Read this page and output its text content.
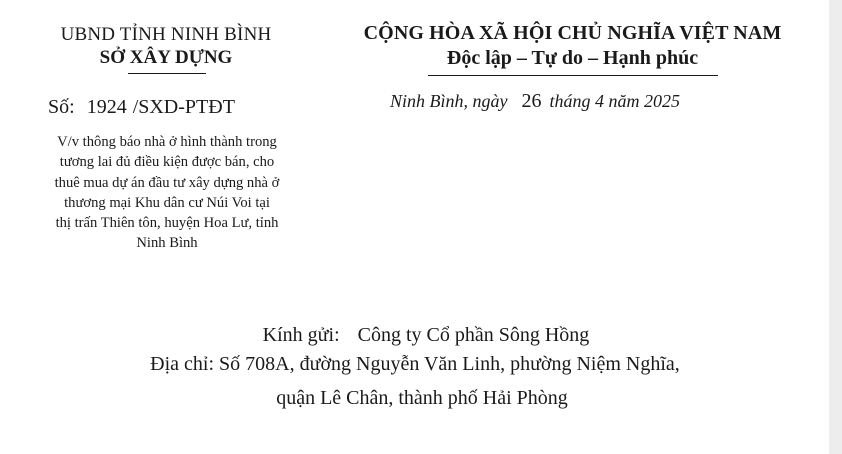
UBND TỈNH NINH BÌNH
SỞ XÂY DỰNG
Số: 1924 /SXD-PTĐT
V/v thông báo nhà ở hình thành trong
tương lai đủ điều kiện được bán, cho
thuê mua dự án đầu tư xây dựng nhà ở
thương mại Khu dân cư Núi Voi tại
thị trấn Thiên tôn, huyện Hoa Lư, tỉnh
Ninh Bình
CỘNG HÒA XÃ HỘI CHỦ NGHĨA VIỆT NAM
Độc lập – Tự do – Hạnh phúc
Ninh Bình, ngày 26 tháng 4 năm 2025
Kính gửi: Công ty Cổ phần Sông Hồng
Địa chỉ: Số 708A, đường Nguyễn Văn Linh, phường Niệm Nghĩa,
quận Lê Chân, thành phố Hải Phòng
